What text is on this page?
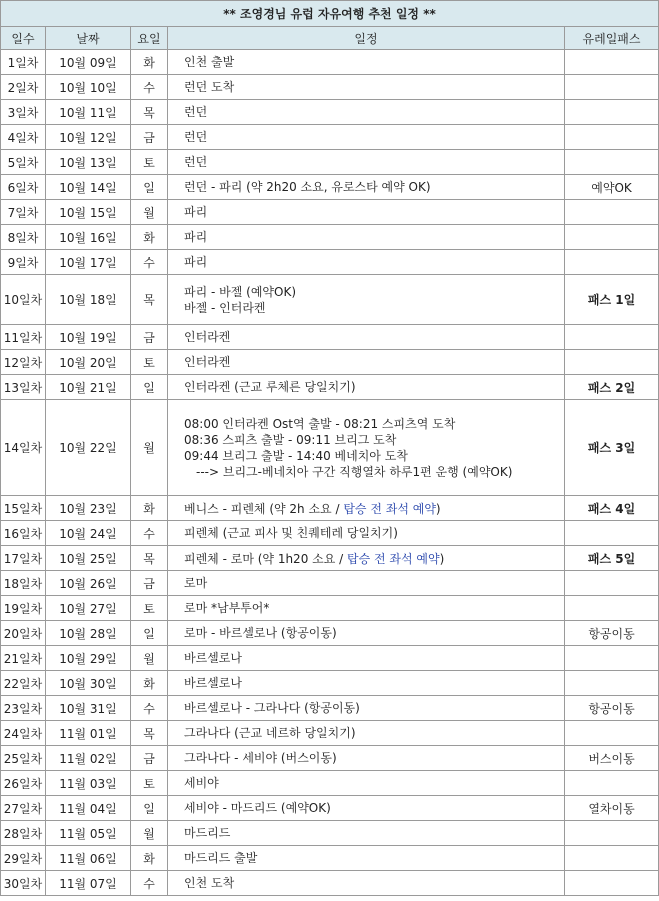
** 조영경님 유럽 자유여행 추천 일정 **				
일수	날짜	요일	일정	유레일패스
1일차	10월 09일	화	인천 출발	

2일차	10월 10일	수	런던 도착	

3일차	10월 11일	목	런던	

4일차	10월 12일	금	런던	

5일차	10월 13일	토	런던	

6일차	10월 14일	일	런던 - 파리 (약 2h20 소요, 유로스타 예약 OK)	예약OK
7일차	10월 15일	월	파리	

8일차	10월 16일	화	파리	

9일차	10월 17일	수	파리	

10일차	10월 18일	목	파리 - 바젤 (예약OK)
바젤 - 인터라켄	패스 1일
11일차	10월 19일	금	인터라켄	

12일차	10월 20일	토	인터라켄	

13일차	10월 21일	일	인터라켄 (근교 루체른 당일치기)	패스 2일
14일차	10월 22일	월	08:00 인터라켄 Ost역 출발 - 08:21 스피츠역 도착
08:36 스피츠 출발 - 09:11 브리그 도착
09:44 브리그 출발 - 14:40 베네치아 도착
---> 브리그-베네치아 구간 직행열차 하루1편 운행 (예약OK)	패스 3일
15일차	10월 23일	화	베니스 - 피렌체 (약 2h 소요 / 탑승 전 좌석 예약)	패스 4일
16일차	10월 24일	수	피렌체 (근교 피사 및 친퀘테레 당일치기)	

17일차	10월 25일	목	피렌체 - 로마 (약 1h20 소요 / 탑승 전 좌석 예약)	패스 5일
18일차	10월 26일	금	로마	

19일차	10월 27일	토	로마 *남부투어*	

20일차	10월 28일	일	로마 - 바르셀로나 (항공이동)	항공이동
21일차	10월 29일	월	바르셀로나	

22일차	10월 30일	화	바르셀로나	

23일차	10월 31일	수	바르셀로나 - 그라나다 (항공이동)	항공이동
24일차	11월 01일	목	그라나다 (근교 네르하 당일치기)	

25일차	11월 02일	금	그라나다 - 세비야 (버스이동)	버스이동
26일차	11월 03일	토	세비야	

27일차	11월 04일	일	세비야 - 마드리드 (예약OK)	열차이동
28일차	11월 05일	월	마드리드	

29일차	11월 06일	화	마드리드 출발	

30일차	11월 07일	수	인천 도착	
